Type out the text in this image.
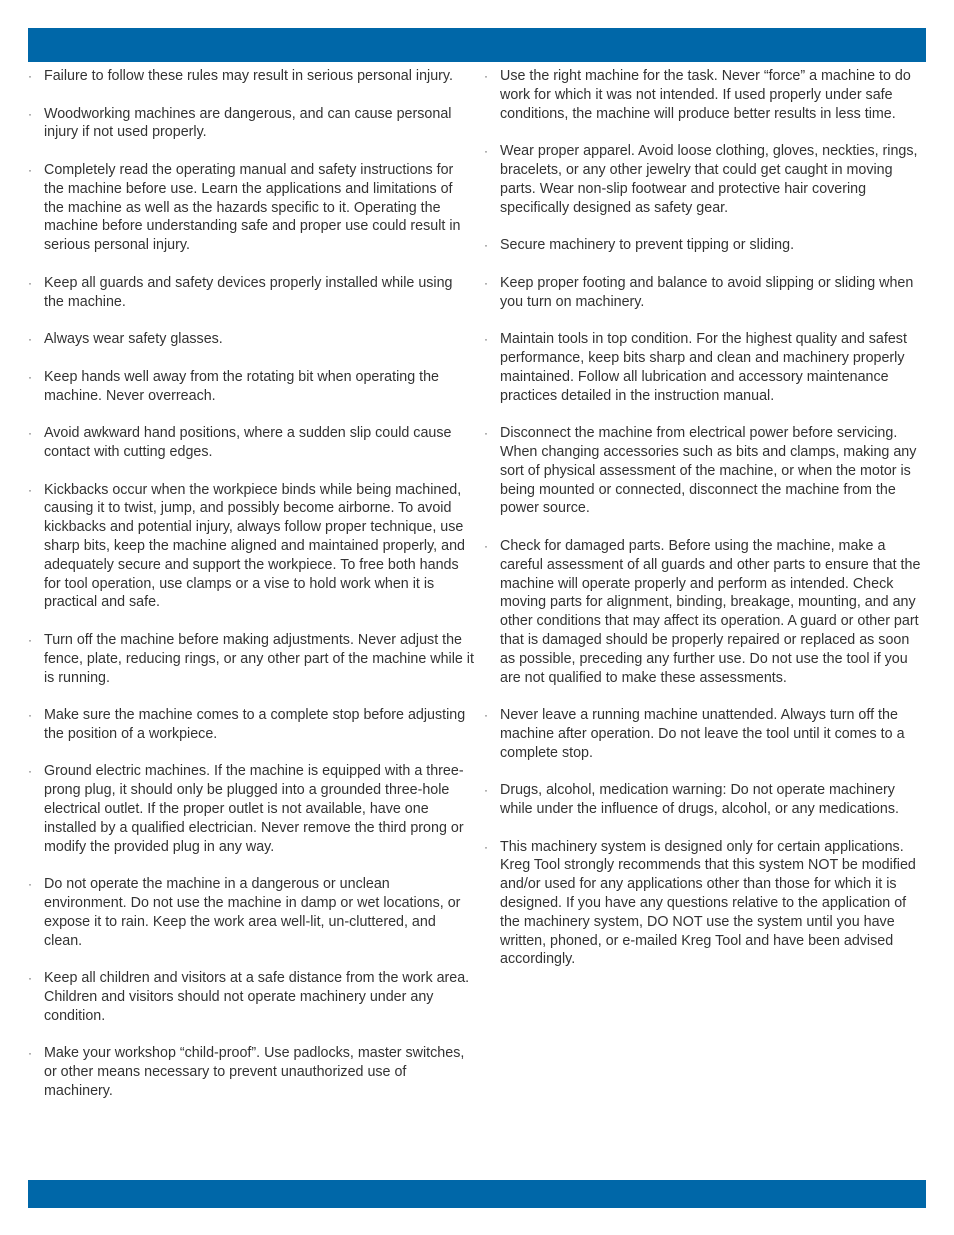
· Failure to follow these rules may result in serious personal injury.
· Woodworking machines are dangerous, and can cause personal injury if not used properly.
· Completely read the operating manual and safety instructions for the machine before use. Learn the applications and limitations of the machine as well as the hazards specific to it. Operating the machine before understanding safe and proper use could result in serious personal injury.
· Keep all guards and safety devices properly installed while using the machine.
· Always wear safety glasses.
· Keep hands well away from the rotating bit when operating the machine. Never overreach.
· Avoid awkward hand positions, where a sudden slip could cause contact with cutting edges.
· Kickbacks occur when the workpiece binds while being machined, causing it to twist, jump, and possibly become airborne. To avoid kickbacks and potential injury, always follow proper technique, use sharp bits, keep the machine aligned and maintained properly, and adequately secure and support the workpiece. To free both hands for tool operation, use clamps or a vise to hold work when it is practical and safe.
· Turn off the machine before making adjustments. Never adjust the fence, plate, reducing rings, or any other part of the machine while it is running.
· Make sure the machine comes to a complete stop before adjusting the position of a workpiece.
· Ground electric machines. If the machine is equipped with a three-prong plug, it should only be plugged into a grounded three-hole electrical outlet. If the proper outlet is not available, have one installed by a qualified electrician. Never remove the third prong or modify the provided plug in any way.
· Do not operate the machine in a dangerous or unclean environment. Do not use the machine in damp or wet locations, or expose it to rain. Keep the work area well-lit, un-cluttered, and clean.
· Keep all children and visitors at a safe distance from the work area. Children and visitors should not operate machinery under any condition.
· Make your workshop “child-proof”. Use padlocks, master switches, or other means necessary to prevent unauthorized use of machinery.
· Use the right machine for the task. Never “force” a machine to do work for which it was not intended. If used properly under safe conditions, the machine will produce better results in less time.
· Wear proper apparel. Avoid loose clothing, gloves, neckties, rings, bracelets, or any other jewelry that could get caught in moving parts. Wear non-slip footwear and protective hair covering specifically designed as safety gear.
· Secure machinery to prevent tipping or sliding.
· Keep proper footing and balance to avoid slipping or sliding when you turn on machinery.
· Maintain tools in top condition. For the highest quality and safest performance, keep bits sharp and clean and machinery properly maintained. Follow all lubrication and accessory maintenance practices detailed in the instruction manual.
· Disconnect the machine from electrical power before servicing. When changing accessories such as bits and clamps, making any sort of physical assessment of the machine, or when the motor is being mounted or connected, disconnect the machine from the power source.
· Check for damaged parts. Before using the machine, make a careful assessment of all guards and other parts to ensure that the machine will operate properly and perform as intended. Check moving parts for alignment, binding, breakage, mounting, and any other conditions that may affect its operation. A guard or other part that is damaged should be properly repaired or replaced as soon as possible, preceding any further use. Do not use the tool if you are not qualified to make these assessments.
· Never leave a running machine unattended. Always turn off the machine after operation. Do not leave the tool until it comes to a complete stop.
· Drugs, alcohol, medication warning: Do not operate machinery while under the influence of drugs, alcohol, or any medications.
· This machinery system is designed only for certain applications. Kreg Tool strongly recommends that this system NOT be modified and/or used for any applications other than those for which it is designed. If you have any questions relative to the application of the machinery system, DO NOT use the system until you have written, phoned, or e-mailed Kreg Tool and have been advised accordingly.
